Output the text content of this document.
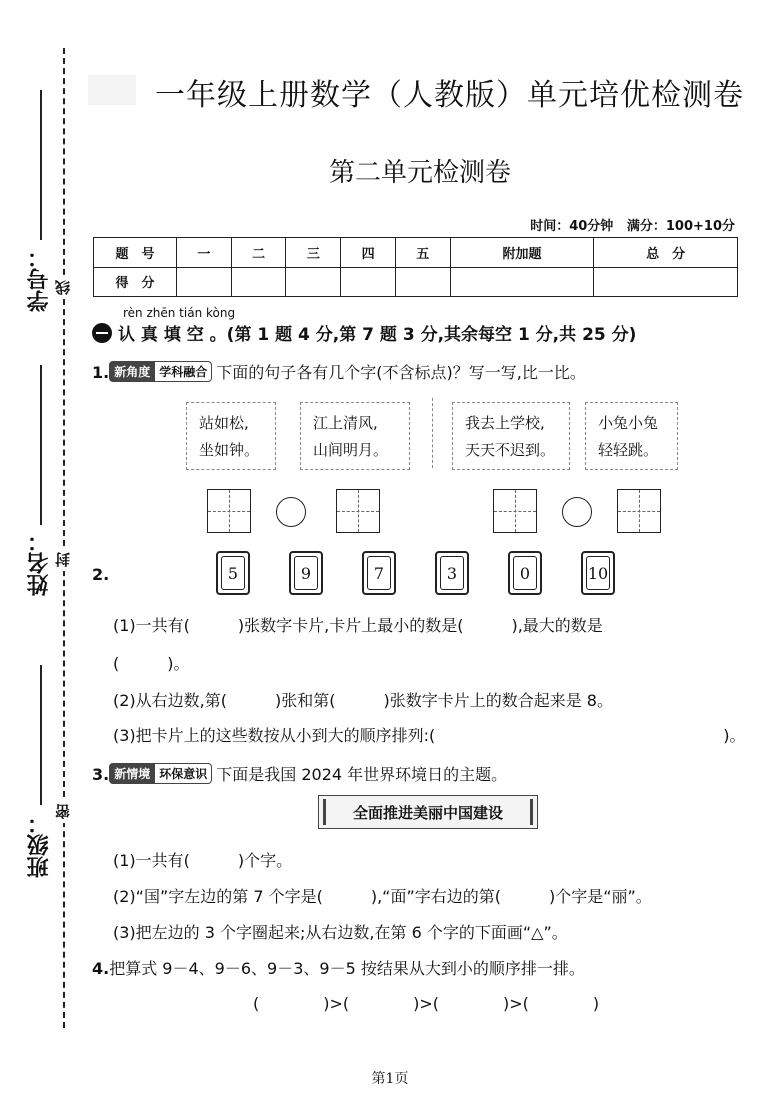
学号： 线
姓名： 封
班级：
密
一年级上册数学（人教版）单元培优检测卷
第二单元检测卷
时间：40分钟 满分：100+10分
题　号	一	二	三	四	五	附加题	总　分
得　分							
rèn zhēn tián kòng
认 真 填 空 。(第 1 题 4 分,第 7 题 3 分,其余每空 1 分,共 25 分)
1. 新角度 学科融合 下面的句子各有几个字(不含标点)？写一写,比一比。
站如松,
坐如钟。
江上清风,
山间明月。
我去上学校,
天天不迟到。
小兔小兔
轻轻跳。
2.	5	9	7	3	0	10
(1)一共有(　　　)张数字卡片,卡片上最小的数是(　　　),最大的数是
(　　　)。
(2)从右边数,第(　　　)张和第(　　　)张数字卡片上的数合起来是 8。
(3)把卡片上的这些数按从小到大的顺序排列:(　　　　　　　　　　　　　　　　　　)。
3. 新情境 环保意识 下面是我国 2024 年世界环境日的主题。
全面推进美丽中国建设
(1)一共有(　　　)个字。
(2)“国”字左边的第 7 个字是(　　　),“面”字右边的第(　　　)个字是“丽”。
(3)把左边的 3 个字圈起来;从右边数,在第 6 个字的下面画“△”。
4.把算式 9－4、9－6、9－3、9－5 按结果从大到小的顺序排一排。
(　　　　)>(　　　　)>(　　　　)>(　　　　)
第1页
